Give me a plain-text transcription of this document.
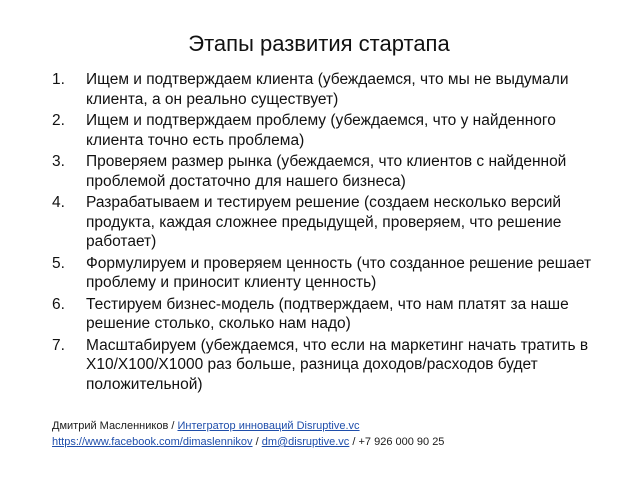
Этапы развития стартапа
1. Ищем и подтверждаем клиента (убеждаемся, что мы не выдумали клиента, а он реально существует)
2. Ищем и подтверждаем проблему (убеждаемся, что у найденного клиента точно есть проблема)
3. Проверяем размер рынка (убеждаемся, что клиентов с найденной проблемой достаточно для нашего бизнеса)
4. Разрабатываем и тестируем решение (создаем несколько версий продукта, каждая сложнее предыдущей, проверяем, что решение работает)
5. Формулируем и проверяем ценность (что созданное решение решает проблему и приносит клиенту ценность)
6. Тестируем бизнес-модель (подтверждаем, что нам платят за наше решение столько, сколько нам надо)
7. Масштабируем (убеждаемся, что если на маркетинг начать тратить в Х10/Х100/Х1000 раз больше, разница доходов/расходов будет положительной)
Дмитрий Масленников / Интегратор инноваций Disruptive.vc
https://www.facebook.com/dimaslennikov / dm@disruptive.vc / +7 926 000 90 25
